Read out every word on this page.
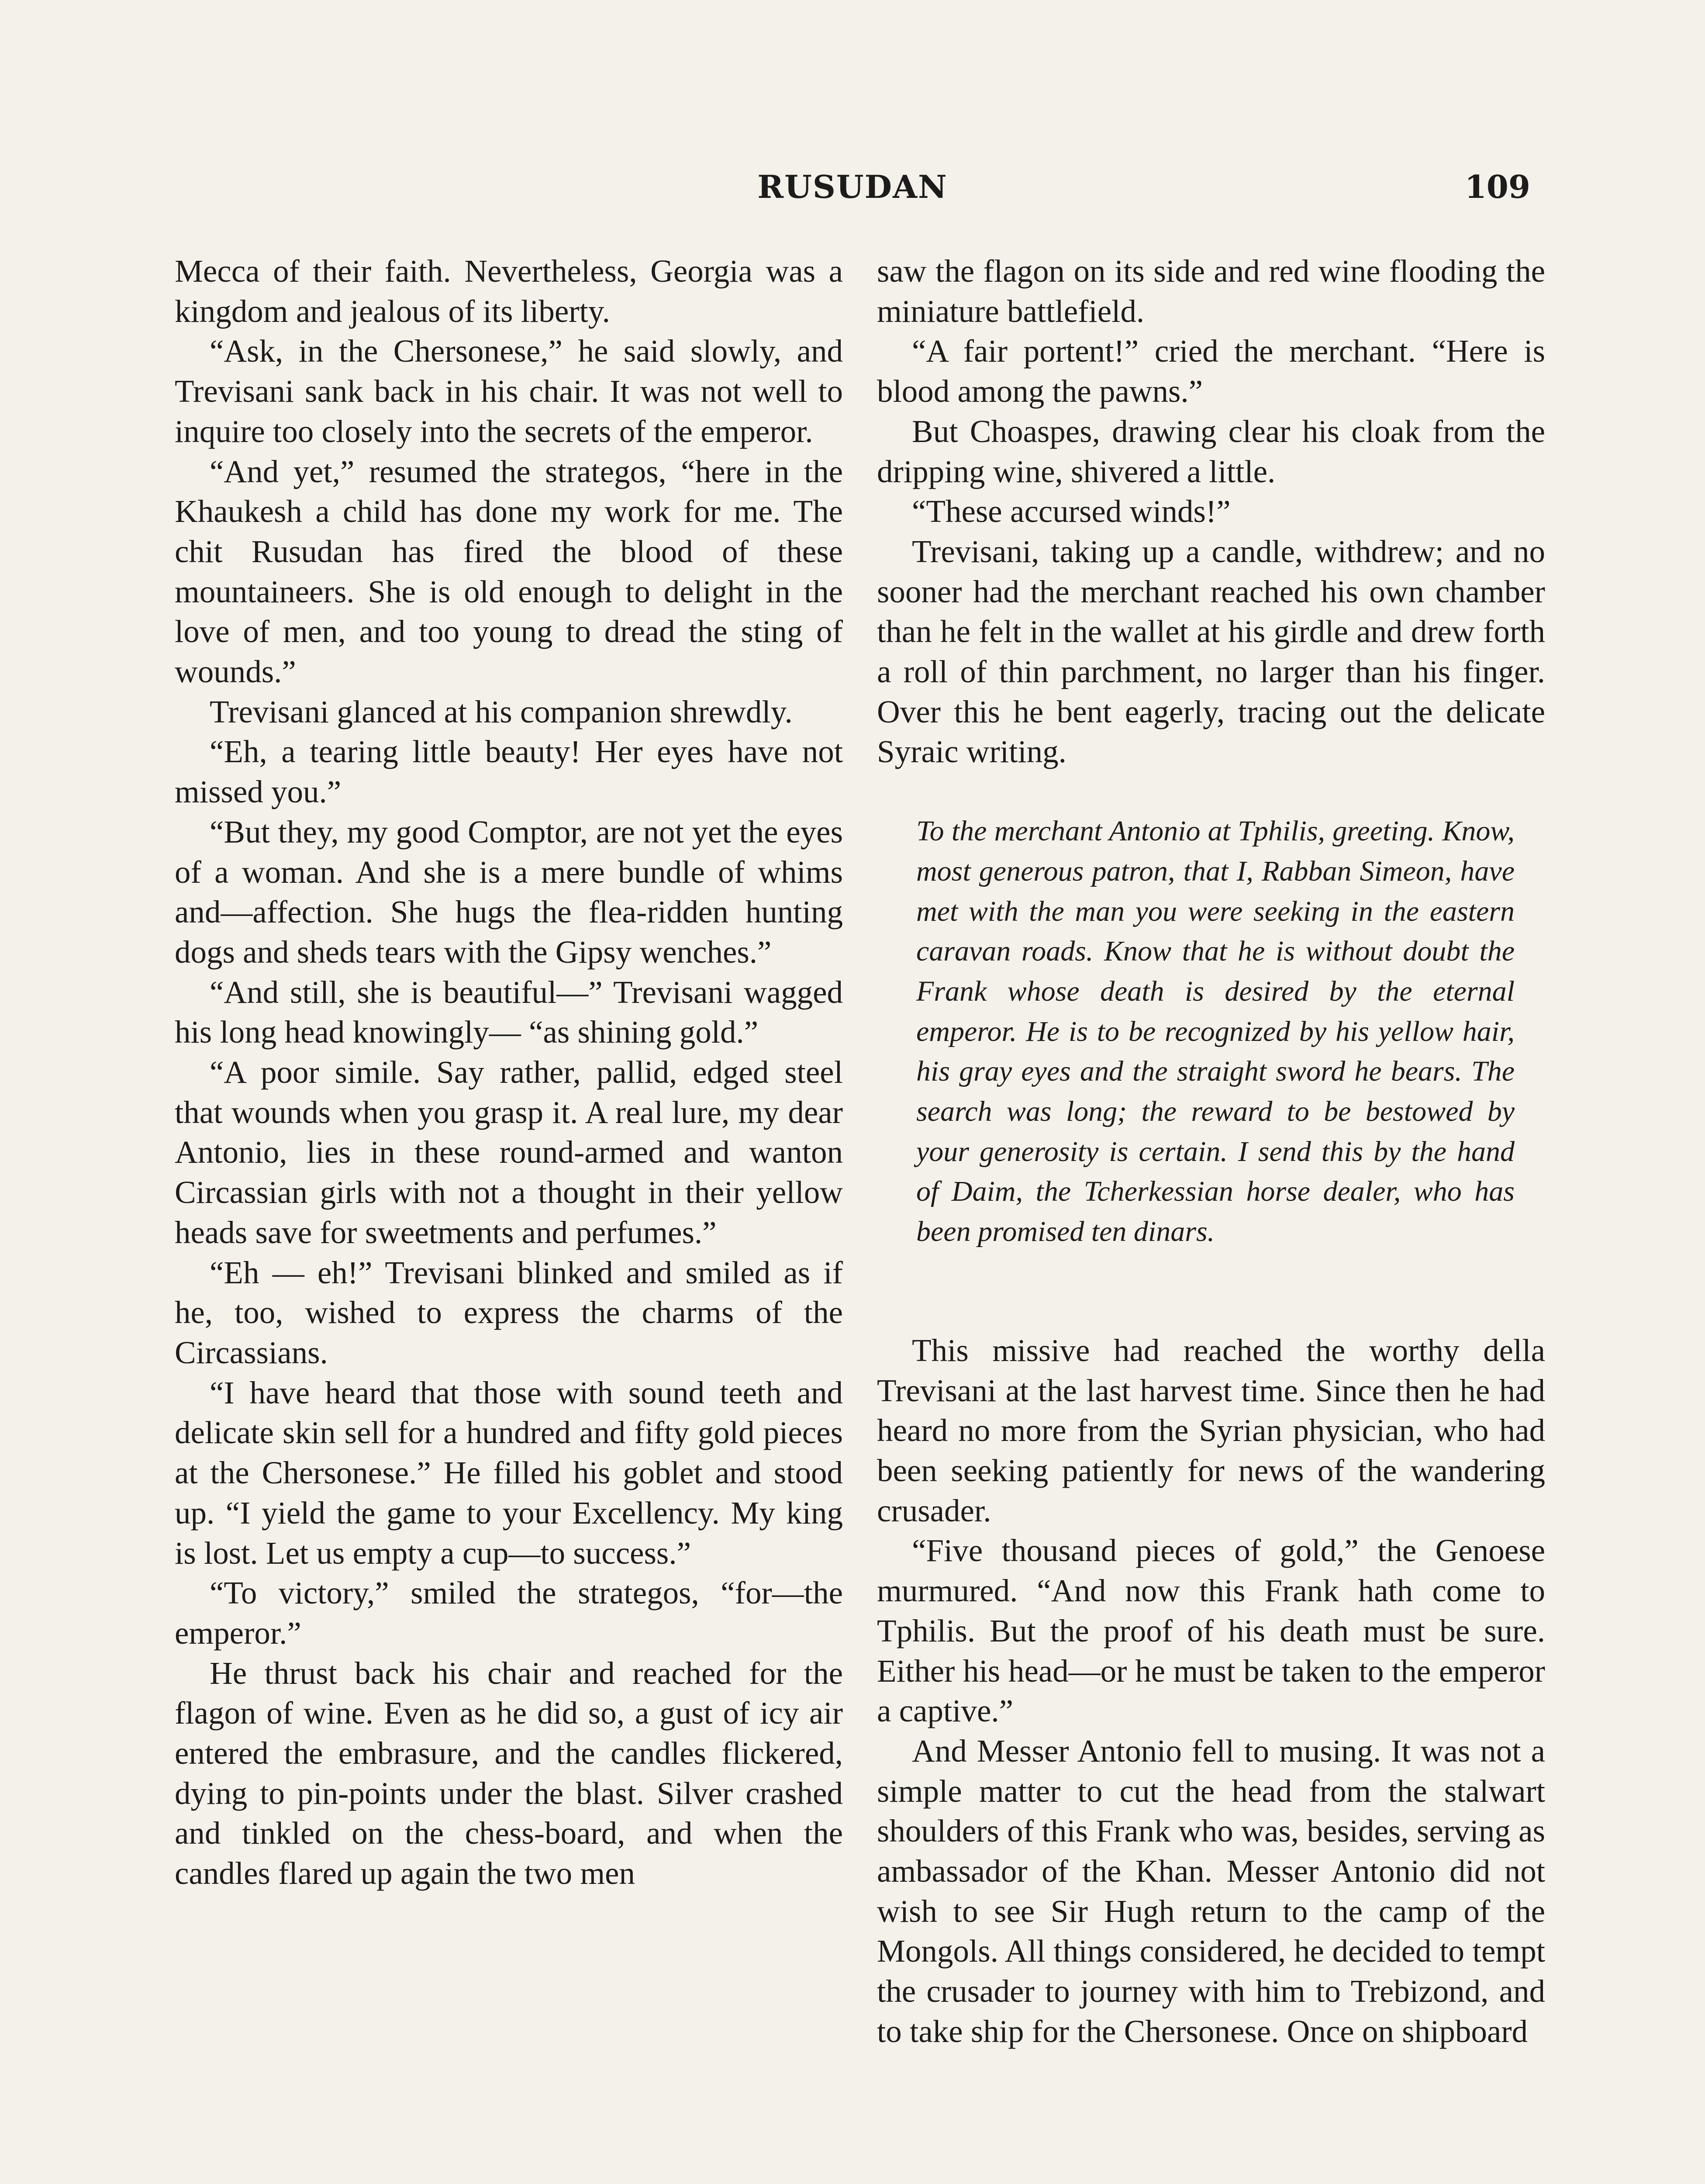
RUSUDAN	109

Mecca of their faith. Nevertheless, Georgia was a kingdom and jealous of its liberty.

“Ask, in the Chersonese,” he said slowly, and Trevisani sank back in his chair. It was not well to inquire too closely into the secrets of the emperor.

“And yet,” resumed the strategos, “here in the Khaukesh a child has done my work for me. The chit Rusudan has fired the blood of these mountaineers. She is old enough to delight in the love of men, and too young to dread the sting of wounds.”

Trevisani glanced at his companion shrewdly.

“Eh, a tearing little beauty! Her eyes have not missed you.”

“But they, my good Comptor, are not yet the eyes of a woman. And she is a mere bundle of whims and—affection. She hugs the flea-ridden hunting dogs and sheds tears with the Gipsy wenches.”

“And still, she is beautiful—” Trevisani wagged his long head knowingly— “as shining gold.”

“A poor simile. Say rather, pallid, edged steel that wounds when you grasp it. A real lure, my dear Antonio, lies in these round-armed and wanton Circassian girls with not a thought in their yellow heads save for sweetments and perfumes.”

“Eh — eh!” Trevisani blinked and smiled as if he, too, wished to express the charms of the Circassians.

“I have heard that those with sound teeth and delicate skin sell for a hundred and fifty gold pieces at the Chersonese.” He filled his goblet and stood up. “I yield the game to your Excellency. My king is lost. Let us empty a cup—to success.”

“To victory,” smiled the strategos, “for—the emperor.”

He thrust back his chair and reached for the flagon of wine. Even as he did so, a gust of icy air entered the embrasure, and the candles flickered, dying to pin-points under the blast. Silver crashed and tinkled on the chess-board, and when the candles flared up again the two men

saw the flagon on its side and red wine flooding the miniature battlefield.

“A fair portent!” cried the merchant. “Here is blood among the pawns.”

But Choaspes, drawing clear his cloak from the dripping wine, shivered a little.

“These accursed winds!”

Trevisani, taking up a candle, withdrew; and no sooner had the merchant reached his own chamber than he felt in the wallet at his girdle and drew forth a roll of thin parchment, no larger than his finger. Over this he bent eagerly, tracing out the delicate Syraic writing.

To the merchant Antonio at Tphilis, greeting. Know, most generous patron, that I, Rabban Simeon, have met with the man you were seeking in the eastern caravan roads. Know that he is without doubt the Frank whose death is desired by the eternal emperor. He is to be recognized by his yellow hair, his gray eyes and the straight sword he bears. The search was long; the reward to be bestowed by your generosity is certain. I send this by the hand of Daim, the Tcherkessian horse dealer, who has been promised ten dinars.

This missive had reached the worthy della Trevisani at the last harvest time. Since then he had heard no more from the Syrian physician, who had been seeking patiently for news of the wandering crusader.

“Five thousand pieces of gold,” the Genoese murmured. “And now this Frank hath come to Tphilis. But the proof of his death must be sure. Either his head—or he must be taken to the emperor a captive.”

And Messer Antonio fell to musing. It was not a simple matter to cut the head from the stalwart shoulders of this Frank who was, besides, serving as ambassador of the Khan. Messer Antonio did not wish to see Sir Hugh return to the camp of the Mongols. All things considered, he decided to tempt the crusader to journey with him to Trebizond, and to take ship for the Chersonese. Once on shipboard
